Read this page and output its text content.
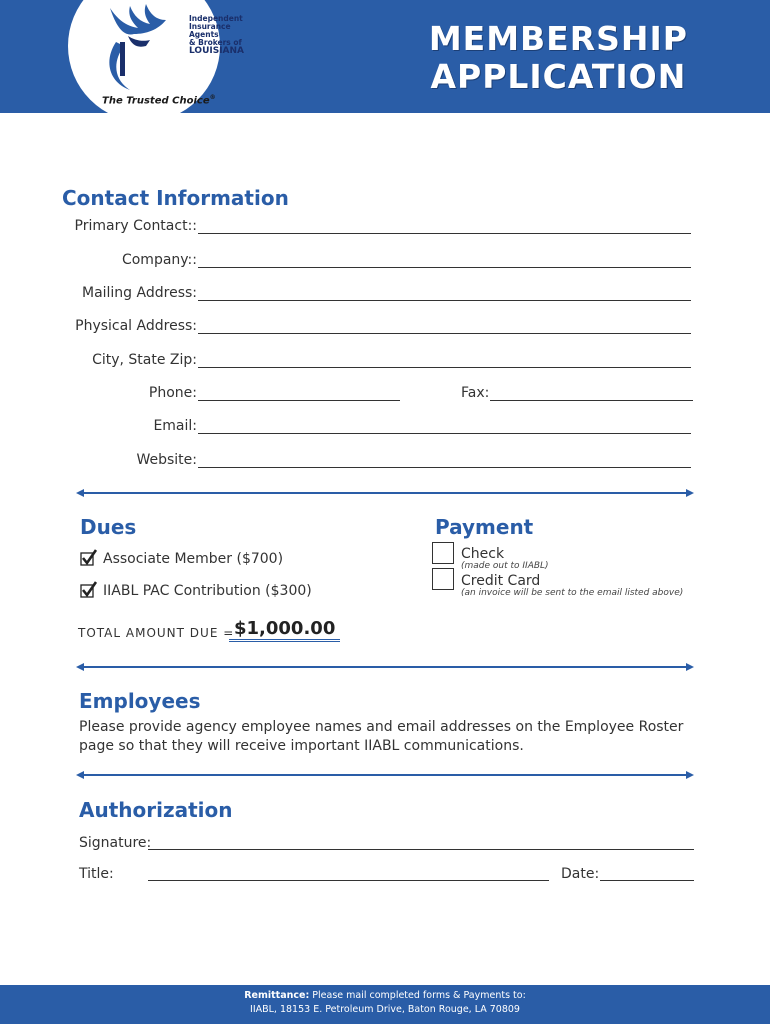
Independent
Insurance Agents
& Brokers of
LOUISIANA
The Trusted Choice®
MEMBERSHIP
APPLICATION
Contact Information
Primary Contact::
Company::
Mailing Address:
Physical Address:
City, State Zip:
Phone:	Fax:
Email:
Website:
Dues
Associate Member ($700)
IIABL PAC Contribution ($300)
TOTAL AMOUNT DUE = $1,000.00
Payment
Check
(made out to IIABL)
Credit Card
(an invoice will be sent to the email listed above)
Employees
Please provide agency employee names and email addresses on the Employee Roster page so that they will receive important IIABL communications.
Authorization
Signature:
Title:	Date:
Remittance: Please mail completed forms & Payments to:
IIABL, 18153 E. Petroleum Drive, Baton Rouge, LA 70809
